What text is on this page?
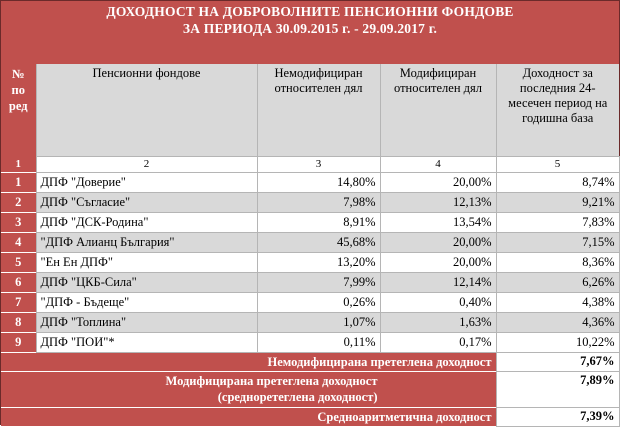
ДОХОДНОСТ НА ДОБРОВОЛНИТЕ ПЕНСИОННИ ФОНДОВЕ
ЗА ПЕРИОДА 30.09.2015 г. - 29.09.2017 г.
№ по ред	Пенсионни фондове	Немодифициран относителен дял	Модифициран относителен дял	Доходност за последния 24-месечен период на годишна база
1	2	3	4	5
1	ДПФ "Доверие"	14,80%	20,00%	8,74%
2	ДПФ "Съгласие"	7,98%	12,13%	9,21%
3	ДПФ "ДСК-Родина"	8,91%	13,54%	7,83%
4	"ДПФ Алианц България"	45,68%	20,00%	7,15%
5	"Ен Ен ДПФ"	13,20%	20,00%	8,36%
6	ДПФ "ЦКБ-Сила"	7,99%	12,14%	6,26%
7	"ДПФ - Бъдеще"	0,26%	0,40%	4,38%
8	ДПФ "Топлина"	1,07%	1,63%	4,36%
9	ДПФ "ПОИ"*	0,11%	0,17%	10,22%
Немодифицирана претеглена доходност				7,67%
Модифицирана претеглена доходност (средноретеглена доходност)				7,89%
Средноаритметична доходност				7,39%
